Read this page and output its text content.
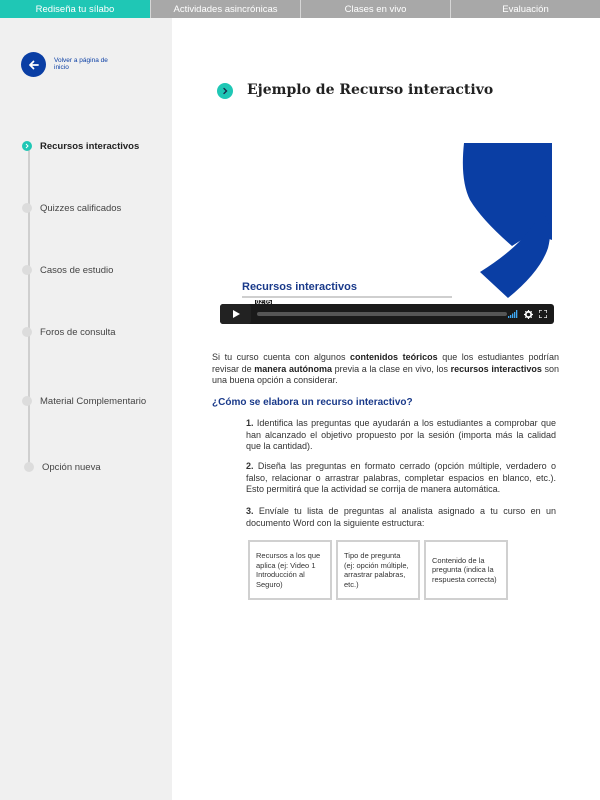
Rediseña tu sílabo	Actividades asincrónicas	Clases en vivo	Evaluación
Volver a página de inicio
Recursos interactivos
Quizzes calificados
Casos de estudio
Foros de consulta
Material Complementario
Opción nueva
Ejemplo de Recurso interactivo
Recursos interactivos
02:05

Si tu curso cuenta con algunos contenidos teóricos que los estudiantes podrían revisar de manera autónoma previa a la clase en vivo, los recursos interactivos son una buena opción a considerar.

¿Cómo se elabora un recurso interactivo?

1. Identifica las preguntas que ayudarán a los estudiantes a comprobar que han alcanzado el objetivo propuesto por la sesión (importa más la calidad que la cantidad).

2. Diseña las preguntas en formato cerrado (opción múltiple, verdadero o falso, relacionar o arrastrar palabras, completar espacios en blanco, etc.). Esto permitirá que la actividad se corrija de manera automática.

3. Envíale tu lista de preguntas al analista asignado a tu curso en un documento Word con la siguiente estructura:

Recursos a los que aplica (ej: Video 1 Introducción al Seguro)
Tipo de pregunta (ej: opción múltiple, arrastrar palabras, etc.)
Contenido de la pregunta (indica la respuesta correcta)
